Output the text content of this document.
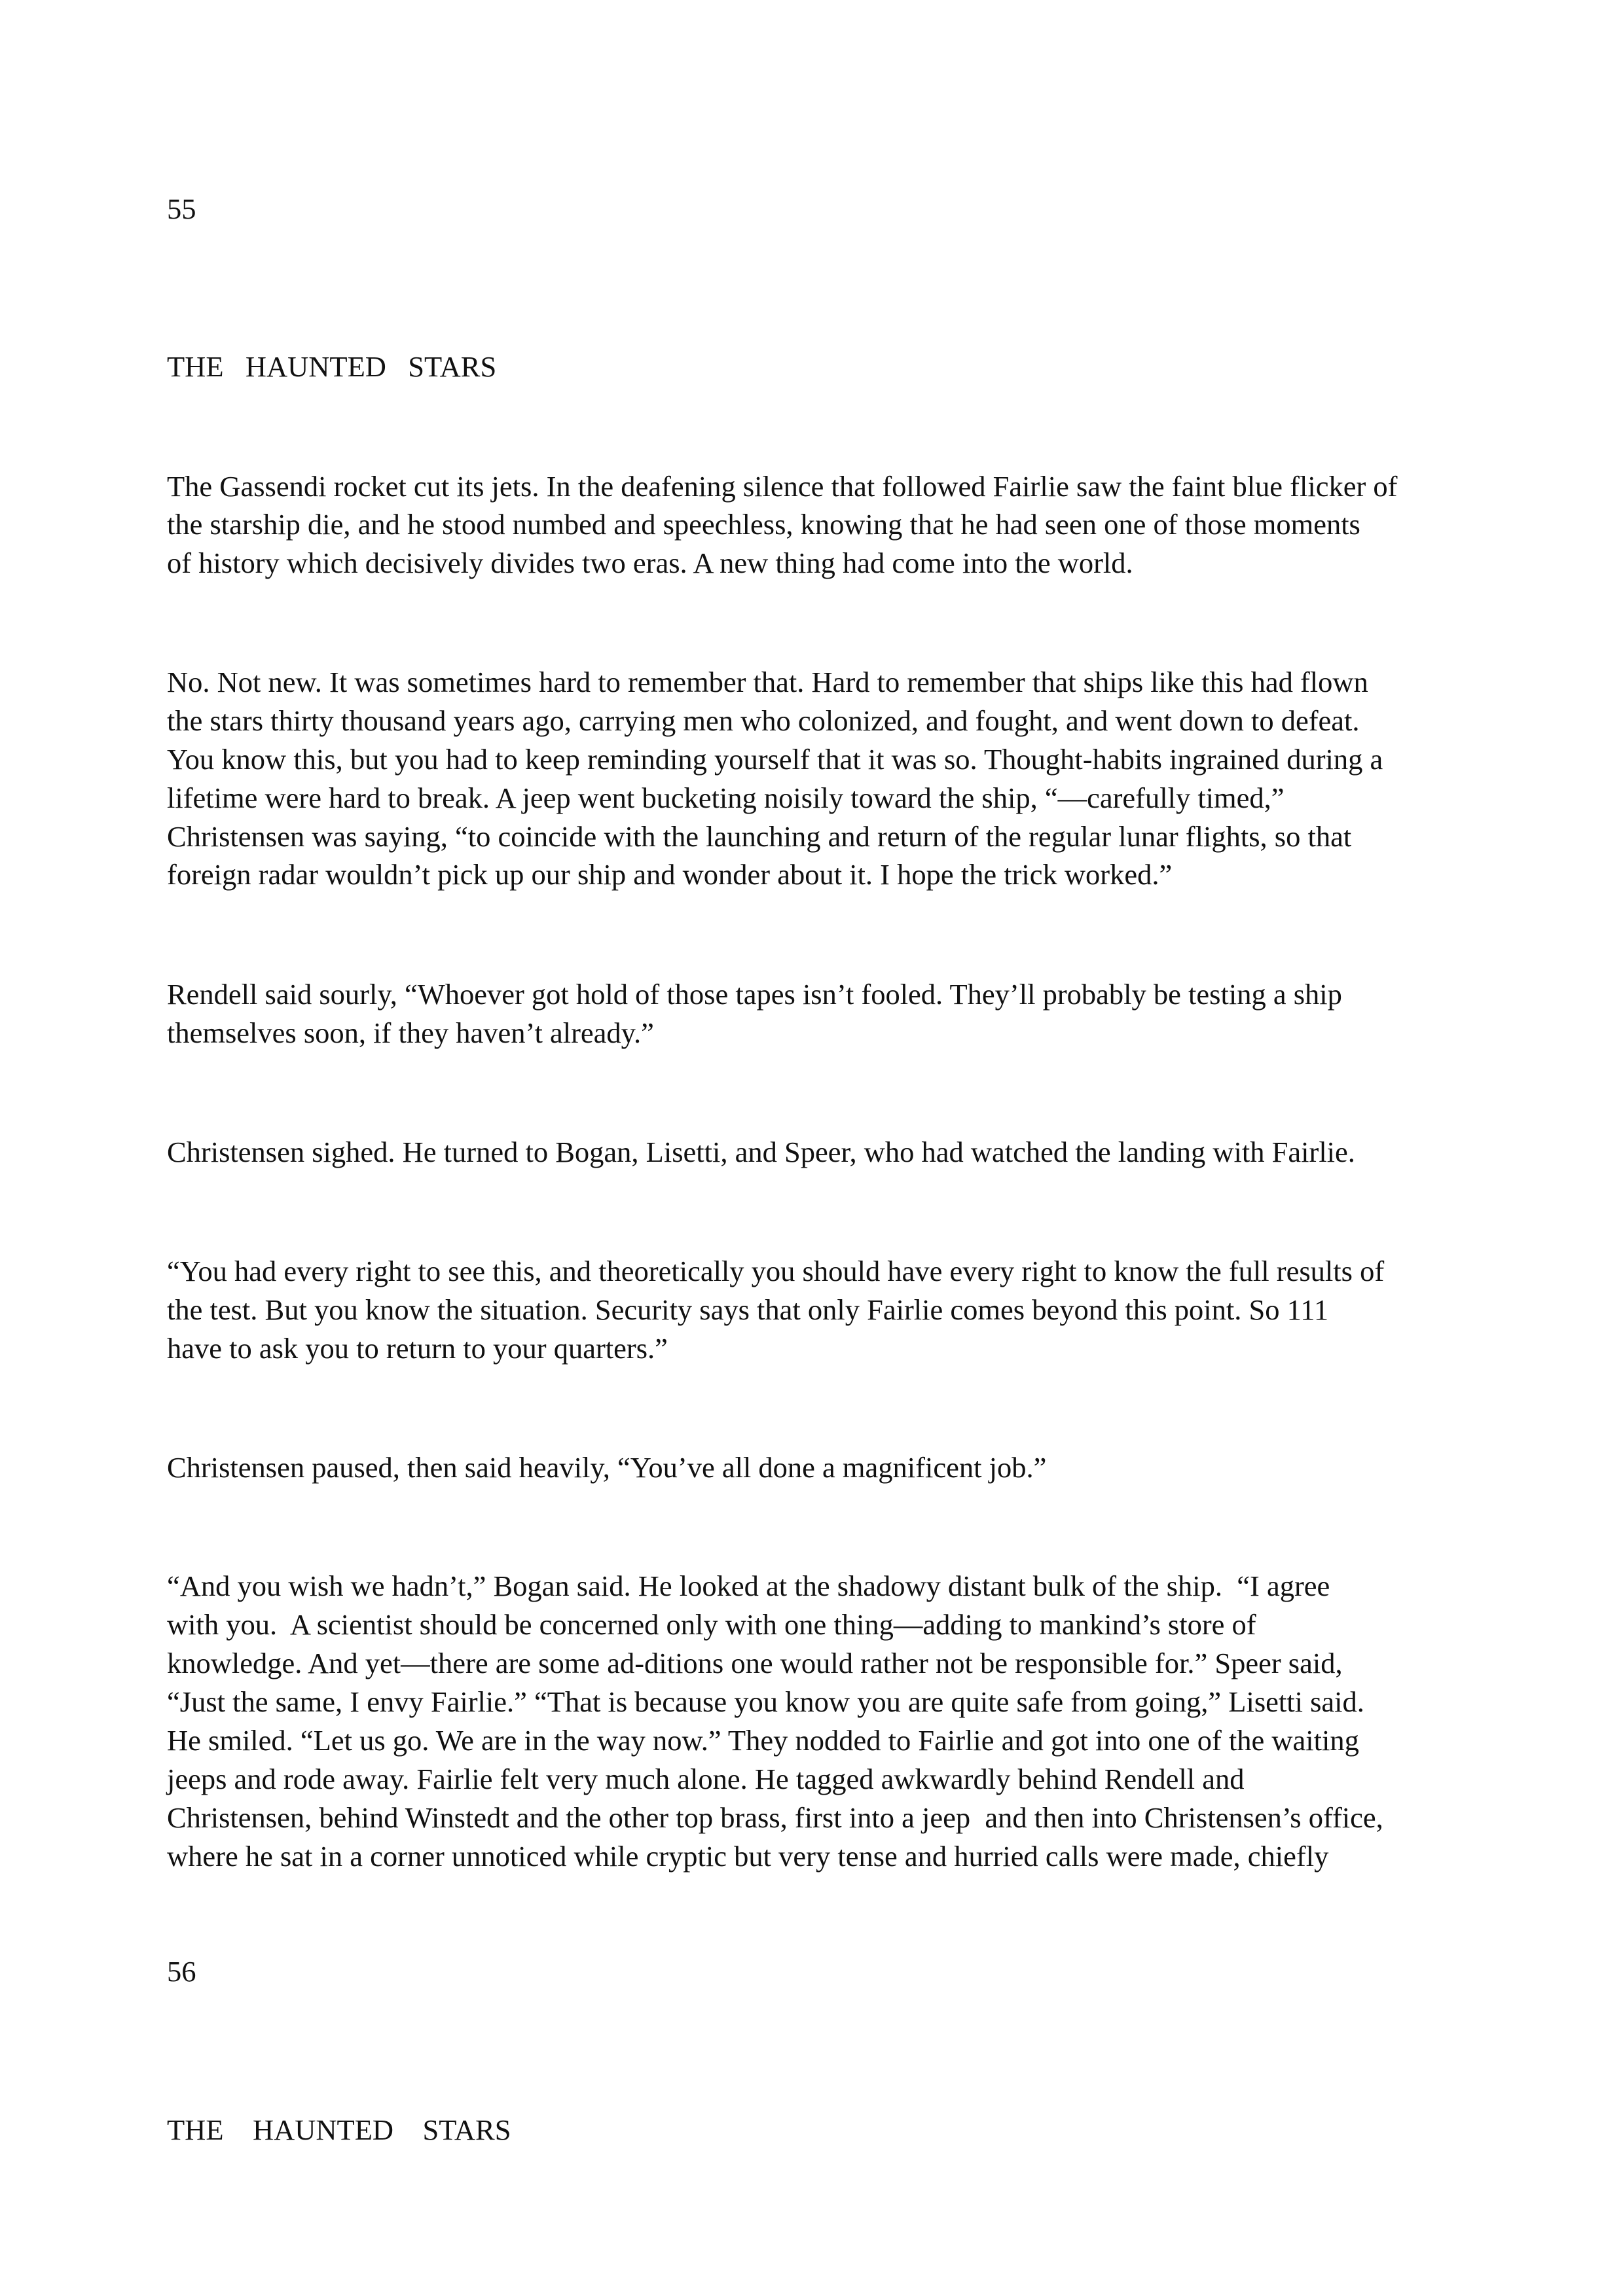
55
THE   HAUNTED   STARS
The Gassendi rocket cut its jets. In the deafening silence that followed Fairlie saw the faint blue flicker of
the starship die, and he stood numbed and speechless, knowing that he had seen one of those moments
of history which decisively divides two eras. A new thing had come into the world.
No. Not new. It was sometimes hard to remember that. Hard to remember that ships like this had flown
the stars thirty thousand years ago, carrying men who colonized, and fought, and went down to defeat.
You know this, but you had to keep reminding yourself that it was so. Thought-habits ingrained during a
lifetime were hard to break. A jeep went bucketing noisily toward the ship, “—carefully timed,”
Christensen was saying, “to coincide with the launching and return of the regular lunar flights, so that
foreign radar wouldn’t pick up our ship and wonder about it. I hope the trick worked.”
Rendell said sourly, “Whoever got hold of those tapes isn’t fooled. They’ll probably be testing a ship
themselves soon, if they haven’t already.”
Christensen sighed. He turned to Bogan, Lisetti, and Speer, who had watched the landing with Fairlie.
“You had every right to see this, and theoretically you should have every right to know the full results of
the test. But you know the situation. Security says that only Fairlie comes beyond this point. So 111
have to ask you to return to your quarters.”
Christensen paused, then said heavily, “You’ve all done a magnificent job.”
“And you wish we hadn’t,” Bogan said. He looked at the shadowy distant bulk of the ship.  “I agree
with you.  A scientist should be concerned only with one thing—adding to mankind’s store of
knowledge. And yet—there are some ad-ditions one would rather not be responsible for.” Speer said,
“Just the same, I envy Fairlie.” “That is because you know you are quite safe from going,” Lisetti said.
He smiled. “Let us go. We are in the way now.” They nodded to Fairlie and got into one of the waiting
jeeps and rode away. Fairlie felt very much alone. He tagged awkwardly behind Rendell and
Christensen, behind Winstedt and the other top brass, first into a jeep  and then into Christensen’s office,
where he sat in a corner unnoticed while cryptic but very tense and hurried calls were made, chiefly
56
THE    HAUNTED    STARS
